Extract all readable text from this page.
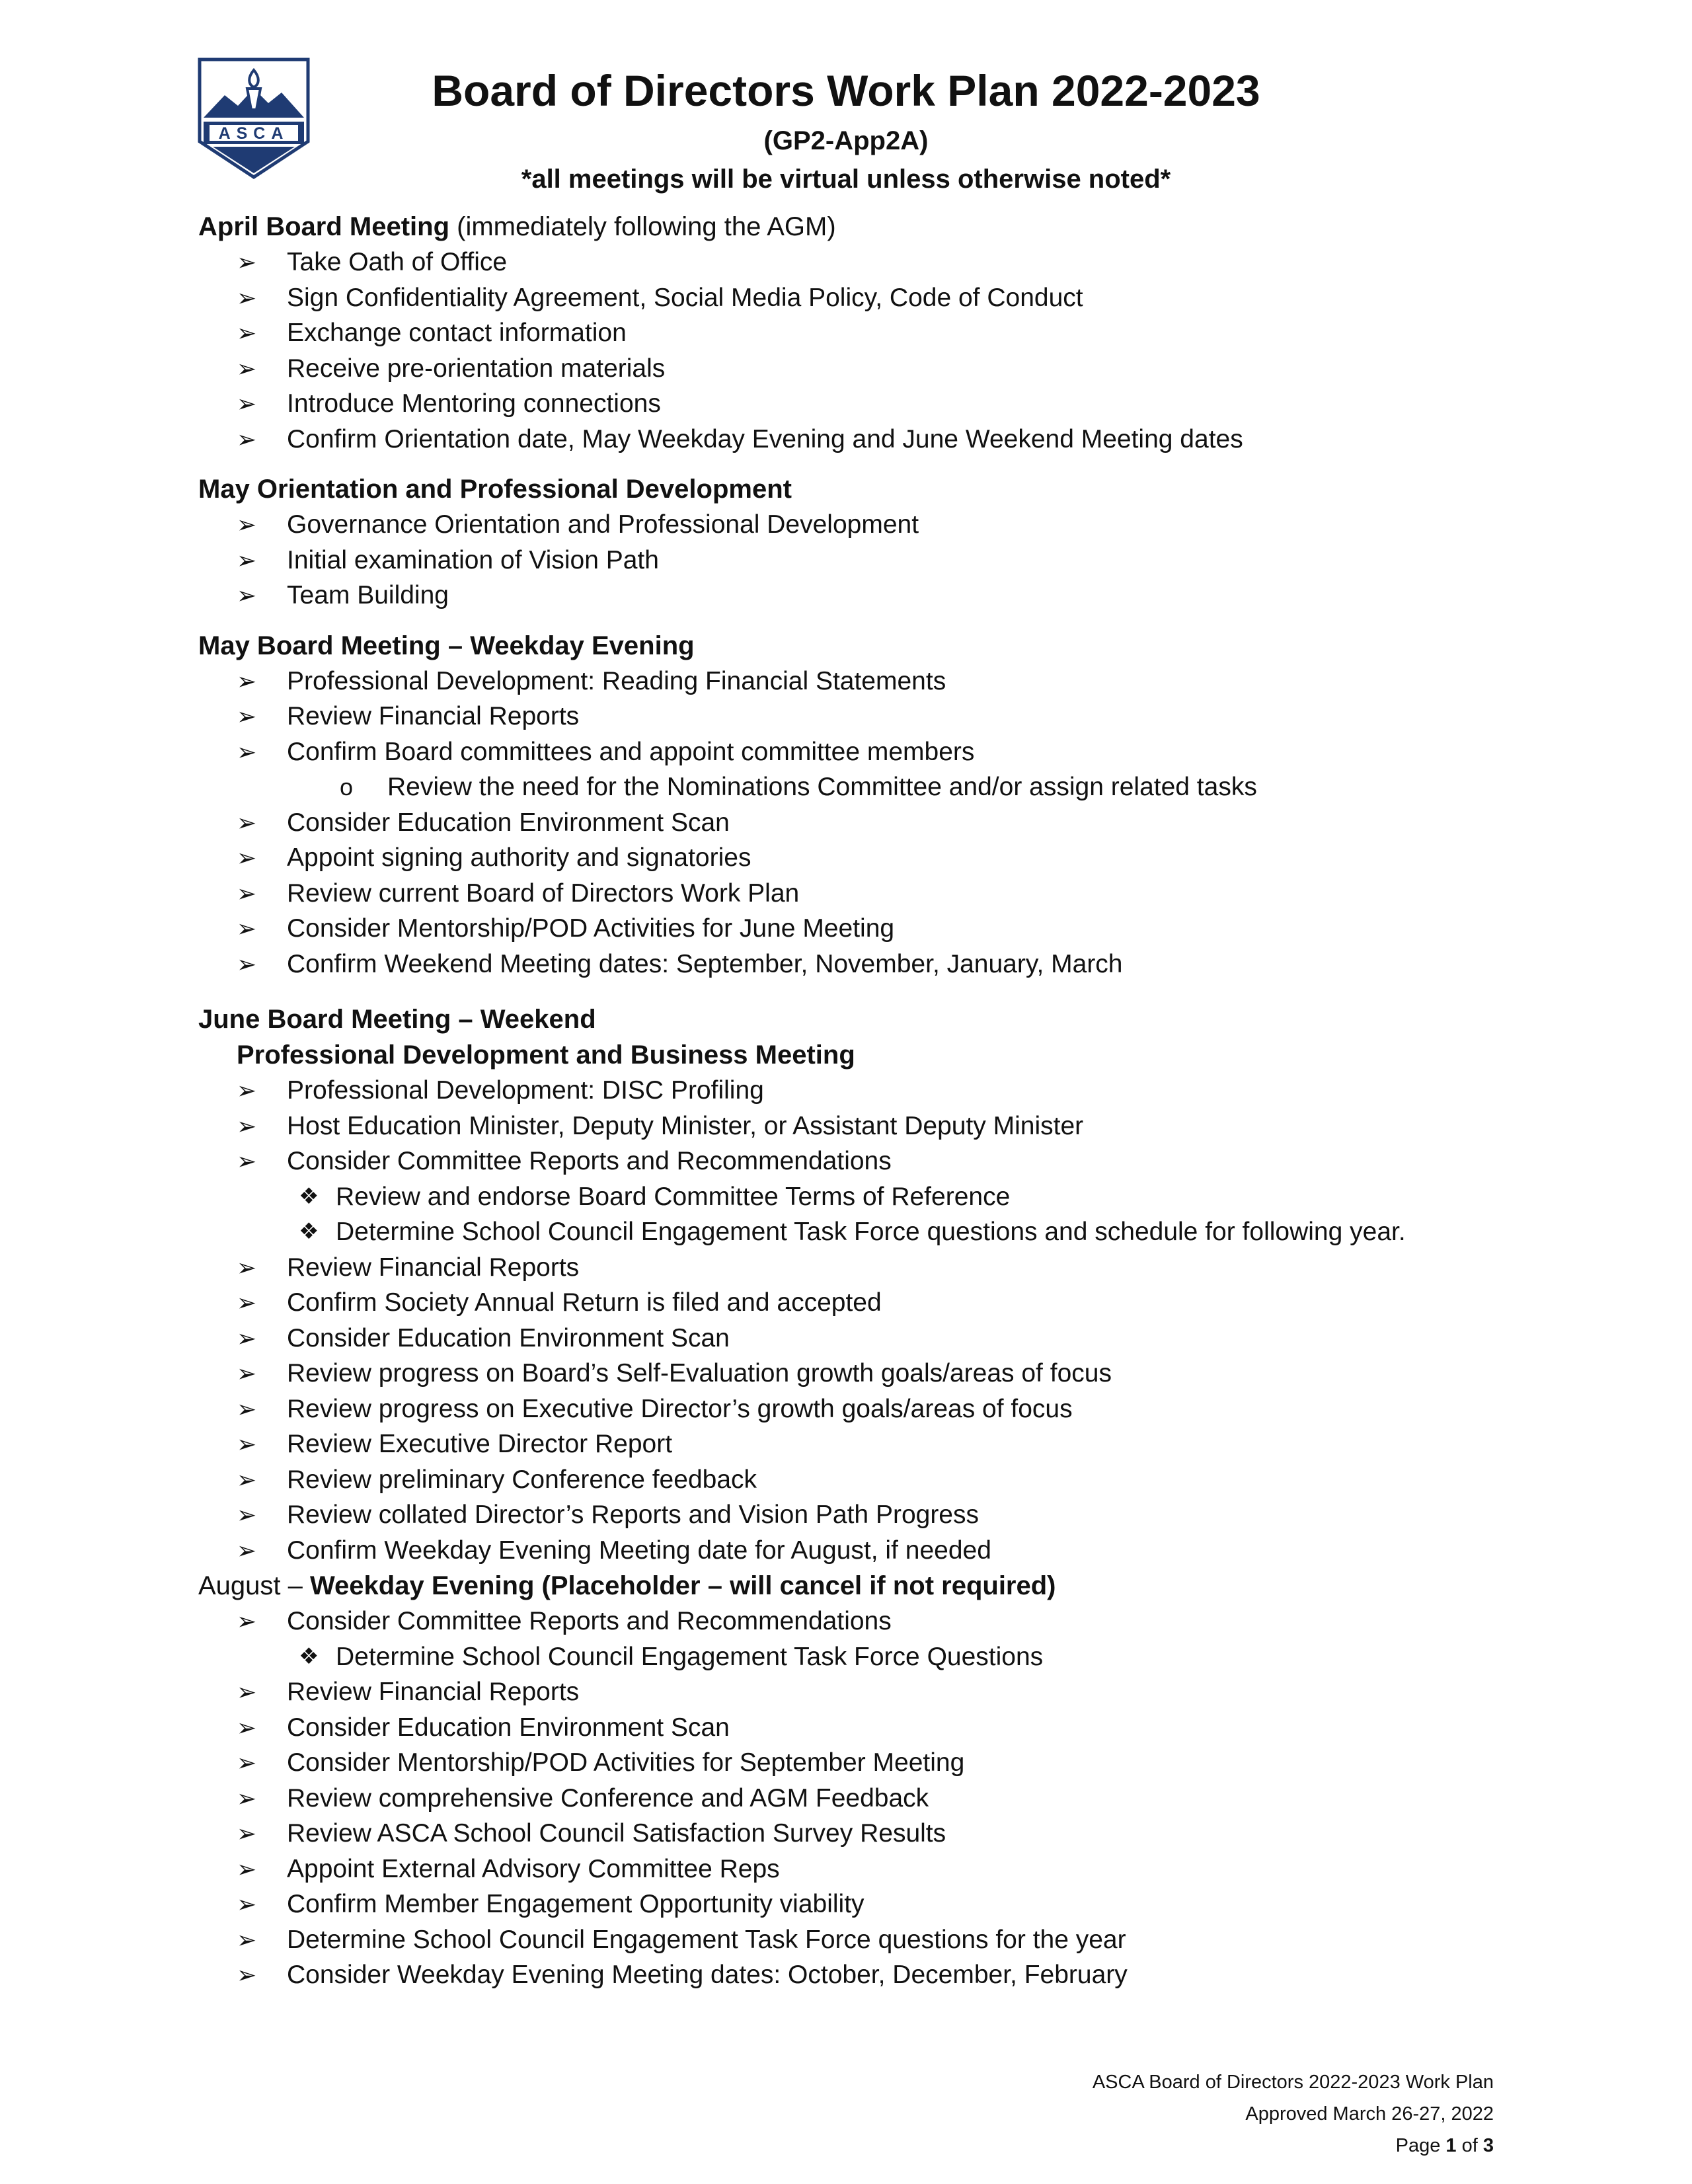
ASCA
Board of Directors Work Plan 2022-2023

(GP2-App2A)

*all meetings will be virtual unless otherwise noted*

April Board Meeting (immediately following the AGM)

➢ Take Oath of Office
➢ Sign Confidentiality Agreement, Social Media Policy, Code of Conduct
➢ Exchange contact information
➢ Receive pre-orientation materials
➢ Introduce Mentoring connections
➢ Confirm Orientation date, May Weekday Evening and June Weekend Meeting dates

May Orientation and Professional Development

➢ Governance Orientation and Professional Development
➢ Initial examination of Vision Path
➢ Team Building

May Board Meeting – Weekday Evening

➢ Professional Development: Reading Financial Statements
➢ Review Financial Reports
➢ Confirm Board committees and appoint committee members
o	Review the need for the Nominations Committee and/or assign related tasks
➢ Consider Education Environment Scan
➢ Appoint signing authority and signatories
➢ Review current Board of Directors Work Plan
➢ Consider Mentorship/POD Activities for June Meeting
➢ Confirm Weekend Meeting dates: September, November, January, March

June Board Meeting – Weekend

Professional Development and Business Meeting

➢ Professional Development: DISC Profiling
➢ Host Education Minister, Deputy Minister, or Assistant Deputy Minister
➢ Consider Committee Reports and Recommendations
❖ Review and endorse Board Committee Terms of Reference
❖ Determine School Council Engagement Task Force questions and schedule for following year.
➢ Review Financial Reports
➢ Confirm Society Annual Return is filed and accepted
➢ Consider Education Environment Scan
➢ Review progress on Board’s Self-Evaluation growth goals/areas of focus
➢ Review progress on Executive Director’s growth goals/areas of focus
➢ Review Executive Director Report
➢ Review preliminary Conference feedback
➢ Review collated Director’s Reports and Vision Path Progress
➢ Confirm Weekday Evening Meeting date for August, if needed

August – Weekday Evening (Placeholder – will cancel if not required)

➢ Consider Committee Reports and Recommendations
❖ Determine School Council Engagement Task Force Questions
➢ Review Financial Reports
➢ Consider Education Environment Scan
➢ Consider Mentorship/POD Activities for September Meeting
➢ Review comprehensive Conference and AGM Feedback
➢ Review ASCA School Council Satisfaction Survey Results
➢ Appoint External Advisory Committee Reps
➢ Confirm Member Engagement Opportunity viability
➢ Determine School Council Engagement Task Force questions for the year
➢ Consider Weekday Evening Meeting dates: October, December, February
ASCA Board of Directors 2022-2023 Work Plan
Approved March 26-27, 2022
Page 1 of 3
